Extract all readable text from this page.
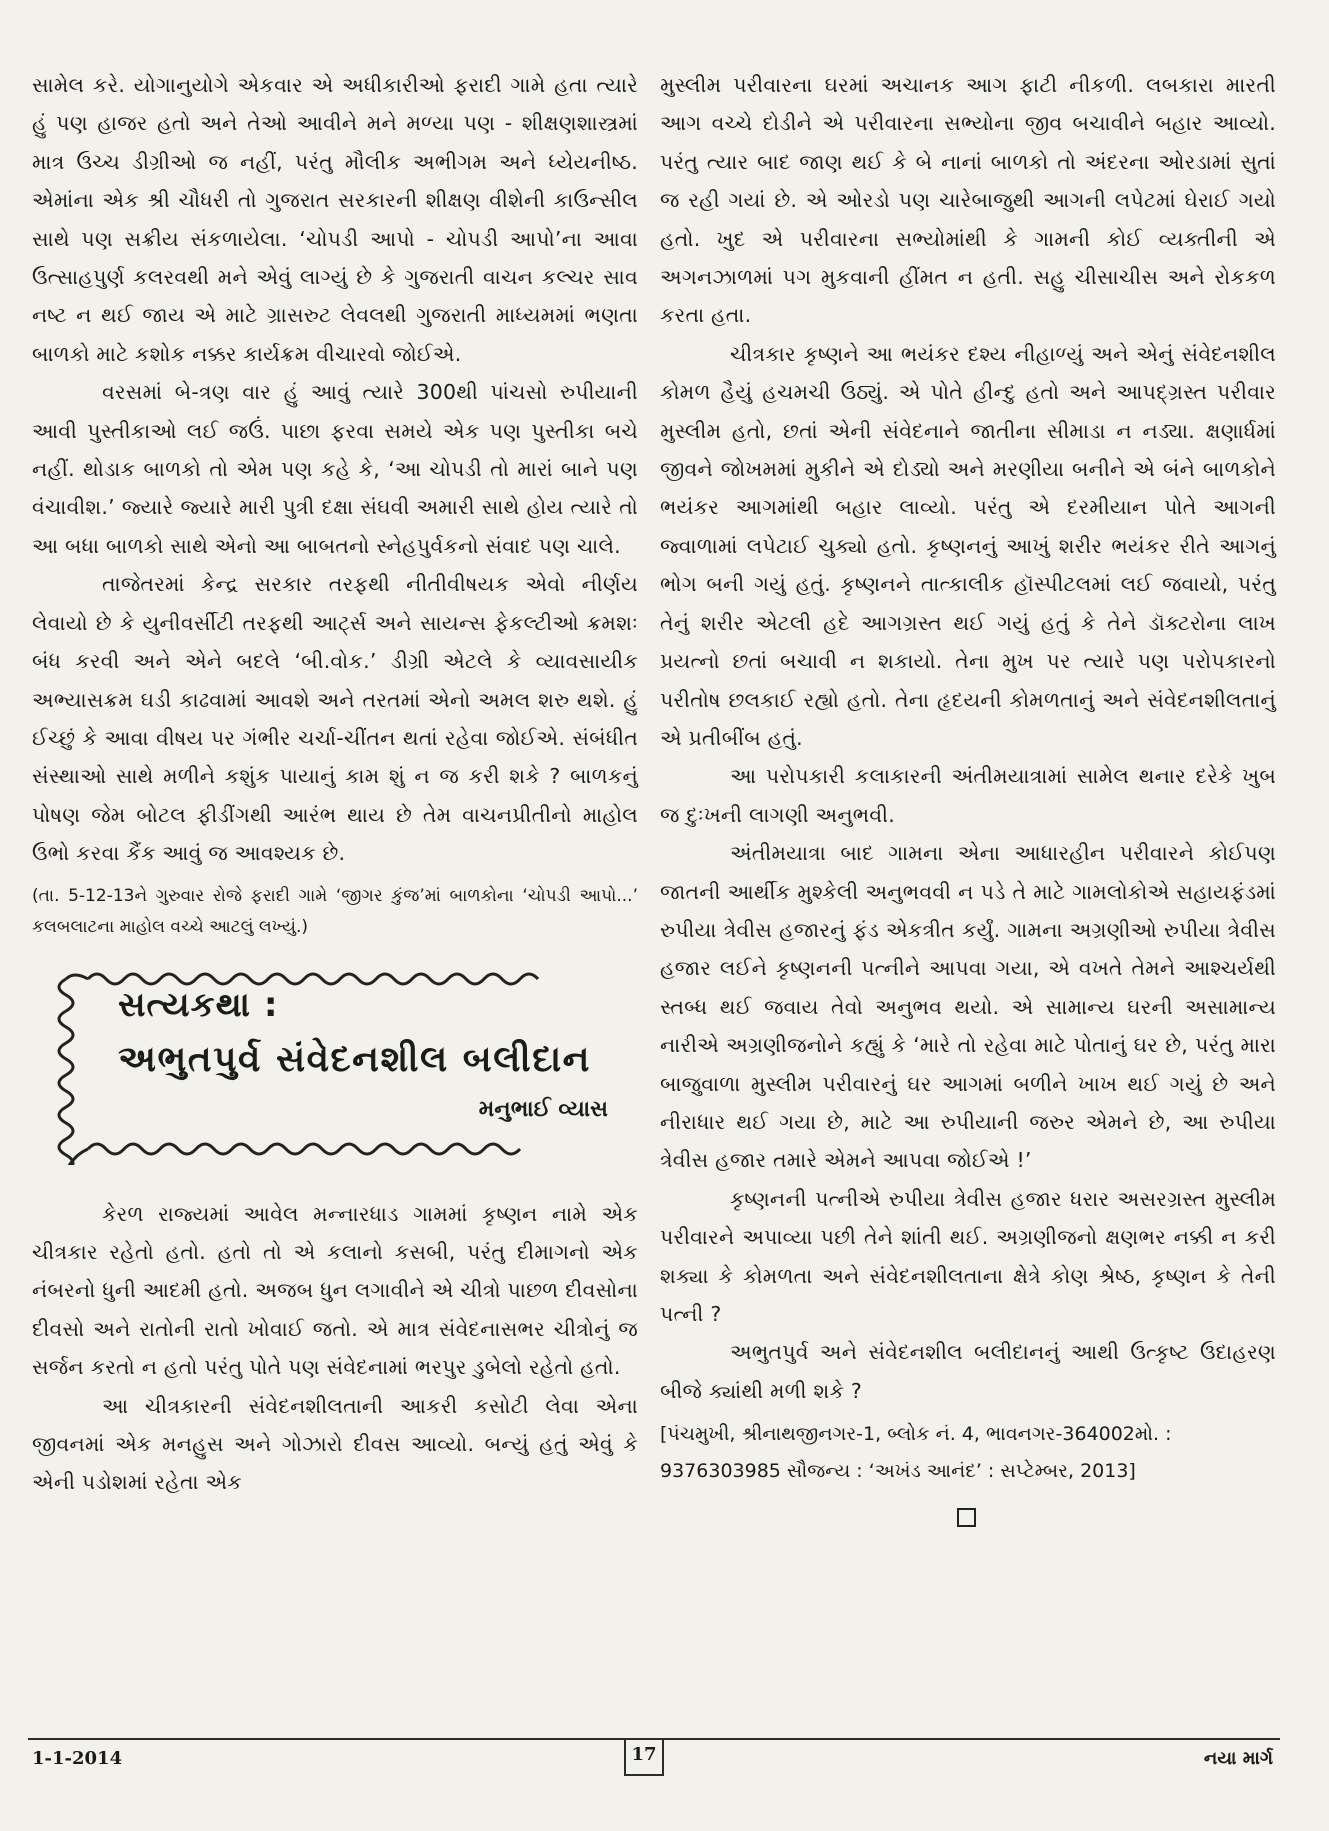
સામેલ કરે. યોગાનુયોગે એકવાર એ અધીકારીઓ ફરાદી ગામે હતા ત્યારે હું પણ હાજર હતો અને તેઓ આવીને મને મળ્યા પણ - શીક્ષણશાસ્ત્રમાં માત્ર ઉચ્ચ ડીગ્રીઓ જ નહીં, પરંતુ મૌલીક અભીગમ અને ધ્યેયનીષ્ઠ. એમાંના એક શ્રી ચૌધરી તો ગુજરાત સરકારની શીક્ષણ વીશેની કાઉન્સીલ સાથે પણ સક્રીય સંકળાયેલા. ‘ચોપડી આપો - ચોપડી આપો’ના આવા ઉત્સાહપુર્ણ કલરવથી મને એવું લાગ્યું છે કે ગુજરાતી વાચન કલ્ચર સાવ નષ્ટ ન થઈ જાય એ માટે ગ્રાસરુટ લેવલથી ગુજરાતી માધ્યમમાં ભણતા બાળકો માટે કશોક નક્કર કાર્યક્રમ વીચારવો જોઈએ.

વરસમાં બે-ત્રણ વાર હું આવું ત્યારે 300થી પાંચસો રુપીયાની આવી પુસ્તીકાઓ લઈ જઉં. પાછા ફરવા સમયે એક પણ પુસ્તીકા બચે નહીં. થોડાક બાળકો તો એમ પણ કહે કે, ‘આ ચોપડી તો મારાં બાને પણ વંચાવીશ.’ જ્યારે જ્યારે મારી પુત્રી દક્ષા સંઘવી અમારી સાથે હોય ત્યારે તો આ બધા બાળકો સાથે એનો આ બાબતનો સ્નેહપુર્વકનો સંવાદ પણ ચાલે.

તાજેતરમાં કેન્દ્ર સરકાર તરફથી નીતીવીષયક એવો નીર્ણય લેવાયો છે કે યુનીવર્સીટી તરફથી આર્ટ્સ અને સાયન્સ ફેકલ્ટીઓ ક્રમશઃ બંધ કરવી અને એને બદલે ‘બી.વોક.’ ડીગ્રી એટલે કે વ્યાવસાયીક અભ્યાસક્રમ ઘડી કાઢવામાં આવશે અને તરતમાં એનો અમલ શરુ થશે. હું ઈચ્છું કે આવા વીષય પર ગંભીર ચર્ચા-ચીંતન થતાં રહેવા જોઈએ. સંબંધીત સંસ્થાઓ સાથે મળીને કશુંક પાયાનું કામ શું ન જ કરી શકે ? બાળકનું પોષણ જેમ બોટલ ફીડીંગથી આરંભ થાય છે તેમ વાચનપ્રીતીનો માહોલ ઉભો કરવા કૈંક આવું જ આવશ્યક છે.

(તા. 5-12-13ને ગુરુવાર રોજે ફરાદી ગામે ‘જીગર કુંજ’માં બાળકોના ‘ચોપડી આપો...’ કલબલાટના માહોલ વચ્ચે આટલું લખ્યું.)

સત્યકથા :
અભુતપુર્વ સંવેદનશીલ બલીદાન
મનુભાઈ વ્યાસ

કેરળ રાજ્યમાં આવેલ મન્નારધાડ ગામમાં કૃષ્ણન નામે એક ચીત્રકાર રહેતો હતો. હતો તો એ કલાનો કસબી, પરંતુ દીમાગનો એક નંબરનો ધુની આદમી હતો. અજબ ધુન લગાવીને એ ચીત્રો પાછળ દીવસોના દીવસો અને રાતોની રાતો ખોવાઈ જતો. એ માત્ર સંવેદનાસભર ચીત્રોનું જ સર્જન કરતો ન હતો પરંતુ પોતે પણ સંવેદનામાં ભરપુર ડુબેલો રહેતો હતો.

આ ચીત્રકારની સંવેદનશીલતાની આકરી કસોટી લેવા એના જીવનમાં એક મનહુસ અને ગોઝારો દીવસ આવ્યો. બન્યું હતું એવું કે એની પડોશમાં રહેતા એક

મુસ્લીમ પરીવારના ઘરમાં અચાનક આગ ફાટી નીકળી. લબકારા મારતી આગ વચ્ચે દોડીને એ પરીવારના સભ્યોના જીવ બચાવીને બહાર આવ્યો. પરંતુ ત્યાર બાદ જાણ થઈ કે બે નાનાં બાળકો તો અંદરના ઓરડામાં સુતાં જ રહી ગયાં છે. એ ઓરડો પણ ચારેબાજુથી આગની લપેટમાં ઘેરાઈ ગયો હતો. ખુદ એ પરીવારના સભ્યોમાંથી કે ગામની કોઈ વ્યક્તીની એ અગનઝાળમાં પગ મુકવાની હીંમત ન હતી. સહુ ચીસાચીસ અને રોકકળ કરતા હતા.

ચીત્રકાર કૃષ્ણને આ ભયંકર દશ્ય નીહાળ્યું અને એનું સંવેદનશીલ કોમળ હૈયું હચમચી ઉઠ્યું. એ પોતે હીન્દુ હતો અને આપદ્ગ્રસ્ત પરીવાર મુસ્લીમ હતો, છતાં એની સંવેદનાને જાતીના સીમાડા ન નડ્યા. ક્ષણાર્ધમાં જીવને જોખમમાં મુકીને એ દોડ્યો અને મરણીયા બનીને એ બંને બાળકોને ભયંકર આગમાંથી બહાર લાવ્યો. પરંતુ એ દરમીયાન પોતે આગની જ્વાળામાં લપેટાઈ ચુક્યો હતો. કૃષ્ણનનું આખું શરીર ભયંકર રીતે આગનું ભોગ બની ગયું હતું. કૃષ્ણનને તાત્કાલીક હૉસ્પીટલમાં લઈ જવાયો, પરંતુ તેનું શરીર એટલી હદે આગગ્રસ્ત થઈ ગયું હતું કે તેને ડૉક્ટરોના લાખ પ્રયત્નો છતાં બચાવી ન શકાયો. તેના મુખ પર ત્યારે પણ પરોપકારનો પરીતોષ છલકાઈ રહ્યો હતો. તેના હૃદયની કોમળતાનું અને સંવેદનશીલતાનું એ પ્રતીબીંબ હતું.

આ પરોપકારી કલાકારની અંતીમયાત્રામાં સામેલ થનાર દરેકે ખુબ જ દુઃખની લાગણી અનુભવી.

અંતીમયાત્રા બાદ ગામના એના આધારહીન પરીવારને કોઈપણ જાતની આર્થીક મુશ્કેલી અનુભવવી ન પડે તે માટે ગામલોકોએ સહાયફંડમાં રુપીયા ત્રેવીસ હજારનું ફંડ એકત્રીત કર્યું. ગામના અગ્રણીઓ રુપીયા ત્રેવીસ હજાર લઈને કૃષ્ણનની પત્નીને આપવા ગયા, એ વખતે તેમને આશ્ચર્યથી સ્તબ્ધ થઈ જવાય તેવો અનુભવ થયો. એ સામાન્ય ઘરની અસામાન્ય નારીએ અગ્રણીજનોને કહ્યું કે ‘મારે તો રહેવા માટે પોતાનું ઘર છે, પરંતુ મારા બાજુવાળા મુસ્લીમ પરીવારનું ઘર આગમાં બળીને ખાખ થઈ ગયું છે અને નીરાધાર થઈ ગયા છે, માટે આ રુપીયાની જરુર એમને છે, આ રુપીયા ત્રેવીસ હજાર તમારે એમને આપવા જોઈએ !’

કૃષ્ણનની પત્નીએ રુપીયા ત્રેવીસ હજાર ધરાર અસરગ્રસ્ત મુસ્લીમ પરીવારને અપાવ્યા પછી તેને શાંતી થઈ. અગ્રણીજનો ક્ષણભર નક્કી ન કરી શક્યા કે કોમળતા અને સંવેદનશીલતાના ક્ષેત્રે કોણ શ્રેષ્ઠ, કૃષ્ણન કે તેની પત્ની ?

અભુતપુર્વ અને સંવેદનશીલ બલીદાનનું આથી ઉત્કૃષ્ટ ઉદાહરણ બીજે ક્યાંથી મળી શકે ?

[પંચમુખી, શ્રીનાથજીનગર-1, બ્લોક નં. 4, ભાવનગર-364002મો. : 9376303985 સૌજન્ય : ‘અખંડ આનંદ’ : સપ્ટેમ્બર, 2013]

1-1-2014	17	નયા માર્ગ
